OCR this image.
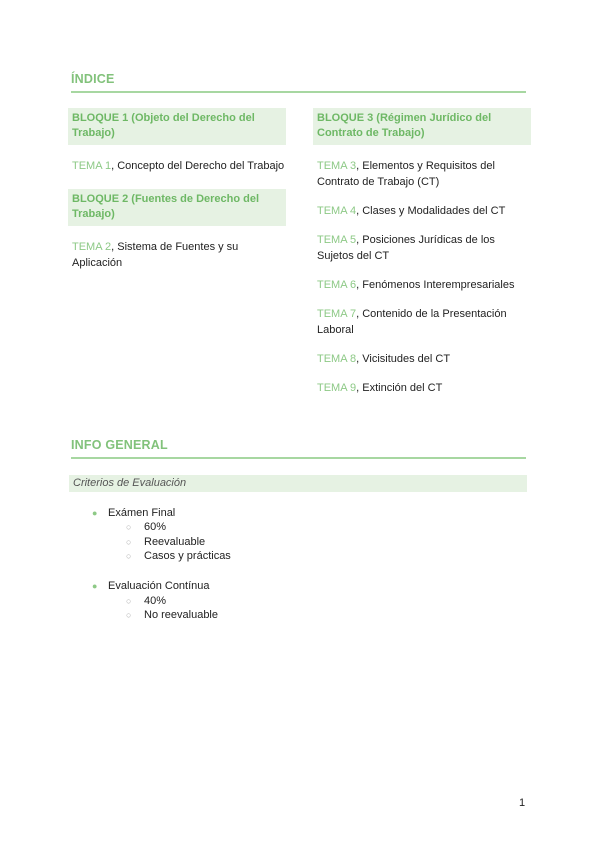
ÍNDICE
BLOQUE 1 (Objeto del Derecho del Trabajo)
TEMA 1, Concepto del Derecho del Trabajo
BLOQUE 2 (Fuentes de Derecho del Trabajo)
TEMA 2, Sistema de Fuentes y su Aplicación
BLOQUE 3 (Régimen Jurídico del Contrato de Trabajo)
TEMA 3, Elementos y Requisitos del Contrato de Trabajo (CT)
TEMA 4, Clases y Modalidades del CT
TEMA 5, Posiciones Jurídicas de los Sujetos del CT
TEMA 6, Fenómenos Interempresariales
TEMA 7, Contenido de la Presentación Laboral
TEMA 8, Vicisitudes del CT
TEMA 9, Extinción del CT
INFO GENERAL
Criterios de Evaluación
● Exámen Final
○ 60%
○ Reevaluable
○ Casos y prácticas
● Evaluación Contínua
○ 40%
○ No reevaluable
1
